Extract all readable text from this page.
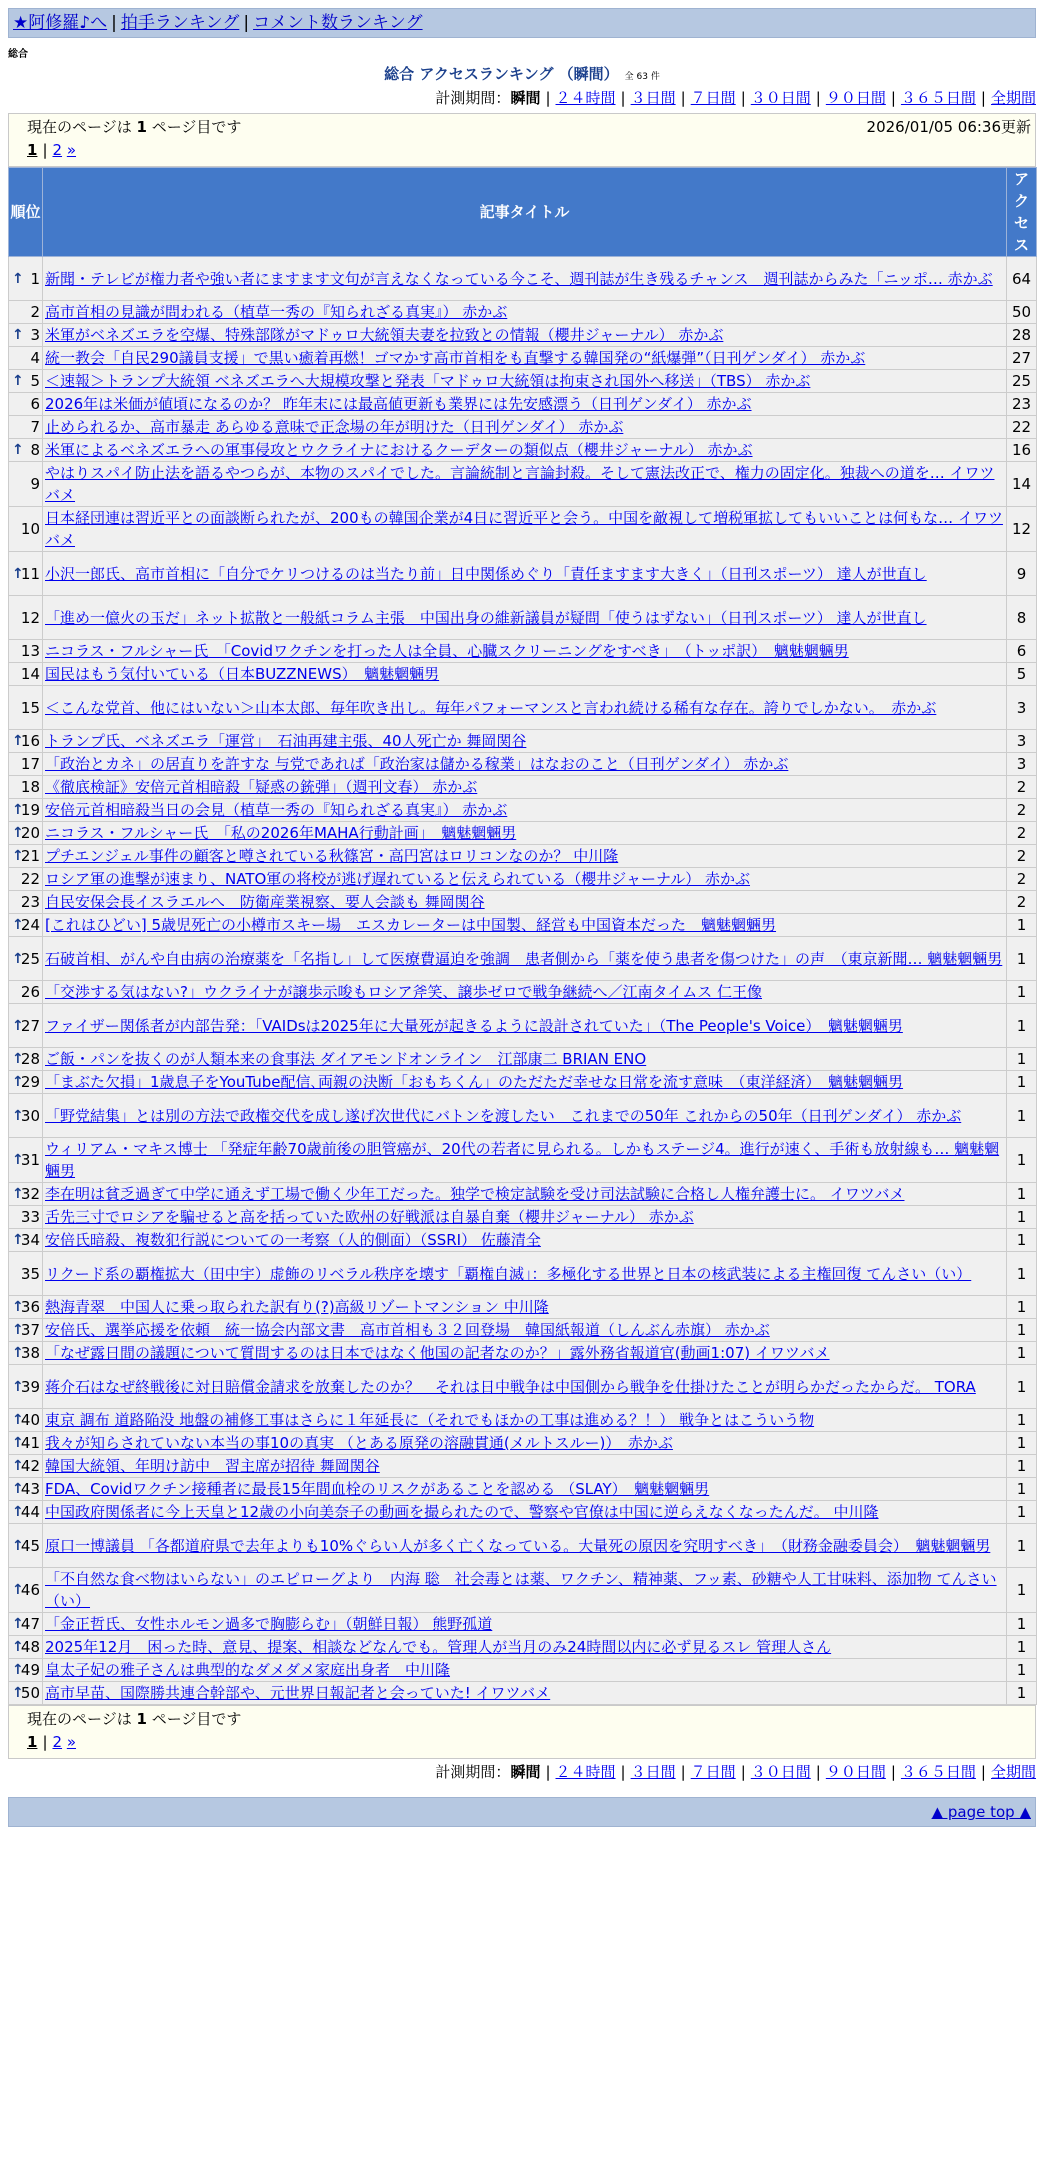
★阿修羅♪へ | 拍手ランキング | コメント数ランキング
総合
総合 アクセスランキング （瞬間） 全 63 件
計測期間：瞬間 | ２４時間 | ３日間 | ７日間 | ３０日間 | ９０日間 | ３６５日間 | 全期間
現在のページは 1 ページ目です	2026/01/05 06:36更新
1 | 2 »
順位	記事タイトル	アクセス

↑ 1	新聞・テレビが権力者や強い者にますます文句が言えなくなっている今こそ、週刊誌が生き残るチャンス　週刊誌からみた「ニッポ… 赤かぶ	64
2	高市首相の見識が問われる（植草一秀の『知られざる真実』） 赤かぶ	50

↑ 3	米軍がベネズエラを空爆、特殊部隊がマドゥロ大統領夫妻を拉致との情報（櫻井ジャーナル） 赤かぶ	28
4	統一教会「自民290議員支援」で黒い癒着再燃！ゴマかす高市首相をも直撃する韓国発の“紙爆弾”（日刊ゲンダイ） 赤かぶ	27

↑ 5	＜速報＞トランプ大統領 ベネズエラへ大規模攻撃と発表「マドゥロ大統領は拘束され国外へ移送」（TBS） 赤かぶ	25
6	2026年は米価が値頃になるのか？ 昨年末には最高値更新も業界には先安感漂う（日刊ゲンダイ） 赤かぶ	23
7	止められるか、高市暴走 あらゆる意味で正念場の年が明けた（日刊ゲンダイ） 赤かぶ	22

↑ 8	米軍によるベネズエラへの軍事侵攻とウクライナにおけるクーデターの類似点（櫻井ジャーナル） 赤かぶ	16
9	やはりスパイ防止法を語るやつらが、本物のスパイでした。言論統制と言論封殺。そして憲法改正で、権力の固定化。独裁への道を… イワツバメ	14
10	日本経団連は習近平との面談断られたが、200もの韓国企業が4日に習近平と会う。中国を敵視して増税軍拡してもいいことは何もな… イワツバメ	12

↑
11	小沢一郎氏、高市首相に「自分でケリつけるのは当たり前」日中関係めぐり「責任ますます大きく」（日刊スポーツ） 達人が世直し	9
12	「進め一億火の玉だ」ネット拡散と一般紙コラム主張　中国出身の維新議員が疑問「使うはずない」（日刊スポーツ） 達人が世直し	8
13	ニコラス・フルシャー氏　「Covidワクチンを打った人は全員、心臓スクリーニングをすべき」　（トッポ訳）　魑魅魍魎男	6
14	国民はもう気付いている（日本BUZZNEWS）　魑魅魍魎男	5
15	＜こんな党首、他にはいない＞山本太郎、毎年吹き出し。毎年パフォーマンスと言われ続ける稀有な存在。誇りでしかない。　赤かぶ	3

↑
16	トランプ氏、ベネズエラ「運営」　石油再建主張、40人死亡か 舞岡関谷	3
17	「政治とカネ」の居直りを許すな 与党であれば「政治家は儲かる稼業」はなおのこと（日刊ゲンダイ） 赤かぶ	3
18	《徹底検証》安倍元首相暗殺「疑惑の銃弾」（週刊文春） 赤かぶ	2

↑
19	安倍元首相暗殺当日の会見（植草一秀の『知られざる真実』） 赤かぶ	2

↑
20	ニコラス・フルシャー氏　「私の2026年MAHA行動計画」　魑魅魍魎男	2

↑
21	プチエンジェル事件の顧客と噂されている秋篠宮・高円宮はロリコンなのか？ 中川隆	2
22	ロシア軍の進撃が速まり、NATO軍の将校が逃げ遅れていると伝えられている（櫻井ジャーナル） 赤かぶ	2
23	自民安保会長イスラエルへ　防衛産業視察、要人会談も 舞岡関谷	2

↑
24	[これはひどい] 5歳児死亡の小樽市スキー場　エスカレーターは中国製、経営も中国資本だった　魑魅魍魎男	1

↑
25	石破首相、がんや自由病の治療薬を「名指し」して医療費逼迫を強調　患者側から「薬を使う患者を傷つけた」の声　（東京新聞… 魑魅魍魎男	1
26	「交渉する気はない?」ウクライナが譲歩示唆もロシア斧笑、譲歩ゼロで戦争継続へ／江南タイムス 仁王像	1

↑
27	ファイザー関係者が内部告発：「VAIDsは2025年に大量死が起きるように設計されていた」（The People's Voice）　魑魅魍魎男	1

↑
28	ご飯・パンを抜くのが人類本来の食事法 ダイアモンドオンライン　江部康二 BRIAN ENO	1

↑
29	「まぶた欠損」1歳息子をYouTube配信､両親の決断「おもちくん」のただただ幸せな日常を流す意味　（東洋経済）　魑魅魍魎男	1

↑
30	「野党結集」とは別の方法で政権交代を成し遂げ次世代にバトンを渡したい　これまでの50年 これからの50年（日刊ゲンダイ） 赤かぶ	1

↑
31	ウィリアム・マキス博士 「発症年齢70歳前後の胆管癌が、20代の若者に見られる。しかもステージ4。進行が速く、手術も放射線も… 魑魅魍魎男	1

↑
32	李在明は貧乏過ぎて中学に通えず工場で働く少年工だった。独学で検定試験を受け司法試験に合格し人権弁護士に。 イワツバメ	1
33	舌先三寸でロシアを騙せると高を括っていた欧州の好戦派は自暴自棄（櫻井ジャーナル） 赤かぶ	1

↑
34	安倍氏暗殺、複数犯行説についての一考察（人的側面）（SSRI） 佐藤清全	1
35	リクード系の覇権拡大（田中宇）虚飾のリベラル秩序を壊す「覇権自滅」：多極化する世界と日本の核武装による主権回復 てんさい（い）	1

↑
36	熱海青翠　中国人に乗っ取られた訳有り(?)高級リゾートマンション 中川隆	1

↑
37	安倍氏、選挙応援を依頼　統一協会内部文書　高市首相も３２回登場　韓国紙報道（しんぶん赤旗） 赤かぶ	1

↑
38	「なぜ露日間の議題について質問するのは日本ではなく他国の記者なのか？」露外務省報道官(動画1:07) イワツバメ	1

↑
39	蒋介石はなぜ終戦後に対日賠償金請求を放棄したのか？　それは日中戦争は中国側から戦争を仕掛けたことが明らかだったからだ。 TORA	1

↑
40	東京 調布 道路陥没 地盤の補修工事はさらに１年延長に（それでもほかの工事は進める？！） 戦争とはこういう物	1

↑
41	我々が知らされていない本当の事10の真実 （とある原発の溶融貫通(メルトスルー)）　赤かぶ	1

↑
42	韓国大統領、年明け訪中　習主席が招待 舞岡関谷	1

↑
43	FDA、Covidワクチン接種者に最長15年間血栓のリスクがあることを認める （SLAY）　魑魅魍魎男	1

↑
44	中国政府関係者に今上天皇と12歳の小向美奈子の動画を撮られたので、警察や官僚は中国に逆らえなくなったんだ。 中川隆	1

↑
45	原口一博議員 「各都道府県で去年よりも10%ぐらい人が多く亡くなっている。大量死の原因を究明すべき」　（財務金融委員会）　魑魅魍魎男	1

↑
46	「不自然な食べ物はいらない」のエピローグより　内海 聡　社会毒とは薬、ワクチン、精神薬、フッ素、砂糖や人工甘味料、添加物 てんさい（い）	1

↑
47	「金正哲氏、女性ホルモン過多で胸膨らむ」（朝鮮日報） 熊野孤道	1

↑
48	2025年12月　困った時、意見、提案、相談などなんでも。管理人が当月のみ24時間以内に必ず見るスレ 管理人さん	1

↑
49	皇太子妃の雅子さんは典型的なダメダメ家庭出身者　中川隆	1

↑
50	高市早苗、国際勝共連合幹部や、元世界日報記者と会っていた! イワツバメ	1
現在のページは 1 ページ目です
1 | 2 »
計測期間：瞬間 | ２４時間 | ３日間 | ７日間 | ３０日間 | ９０日間 | ３６５日間 | 全期間
▲ page top ▲
